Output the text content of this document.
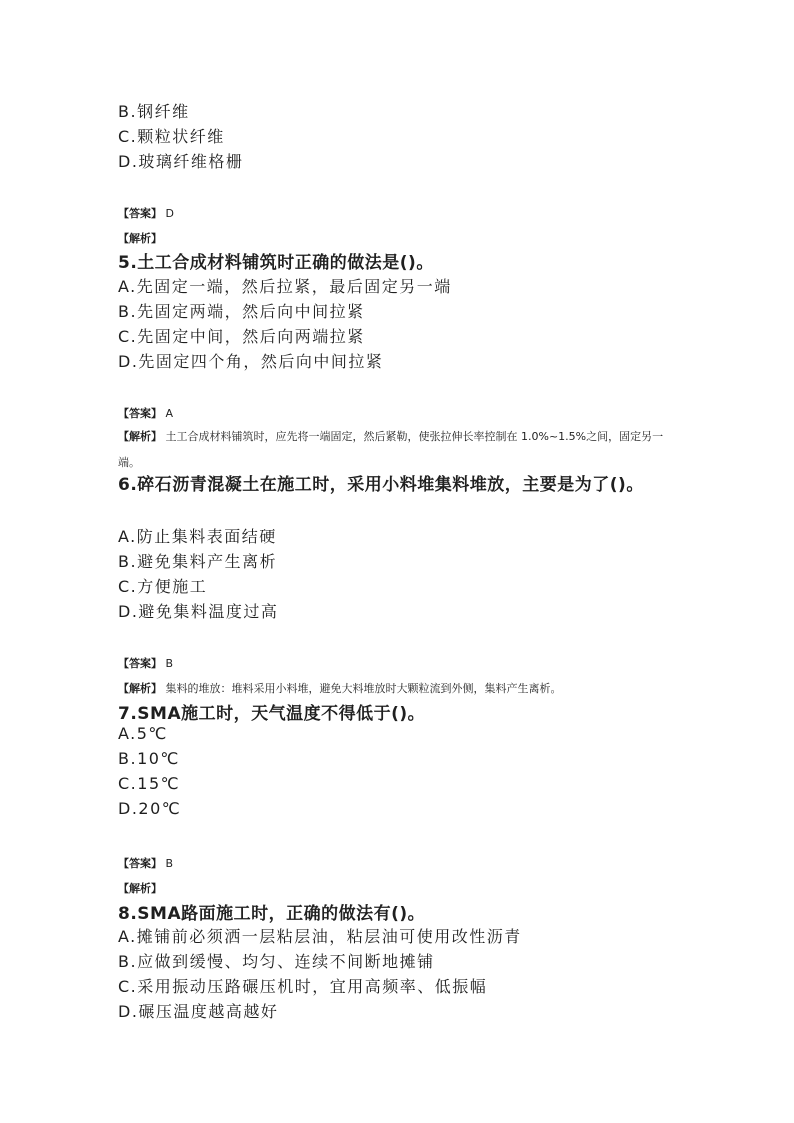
B.钢纤维
C.颗粒状纤维
D.玻璃纤维格栅
【答案】 D
【解析】
5.土工合成材料铺筑时正确的做法是()。
A.先固定一端，然后拉紧，最后固定另一端
B.先固定两端，然后向中间拉紧
C.先固定中间，然后向两端拉紧
D.先固定四个角，然后向中间拉紧
【答案】 A
【解析】 土工合成材料铺筑时，应先将一端固定，然后紧勒，使张拉伸长率控制在 1.0%~1.5%之间，固定另一端。
6.碎石沥青混凝土在施工时，采用小料堆集料堆放，主要是为了()。
A.防止集料表面结硬
B.避免集料产生离析
C.方便施工
D.避免集料温度过高
【答案】 B
【解析】 集料的堆放：堆料采用小料堆，避免大料堆放时大颗粒流到外侧，集料产生离析。
7.SMA施工时，天气温度不得低于()。
A.5℃
B.10℃
C.15℃
D.20℃
【答案】 B
【解析】
8.SMA路面施工时，正确的做法有()。
A.摊铺前必须洒一层粘层油，粘层油可使用改性沥青
B.应做到缓慢、均匀、连续不间断地摊铺
C.采用振动压路碾压机时，宜用高频率、低振幅
D.碾压温度越高越好
